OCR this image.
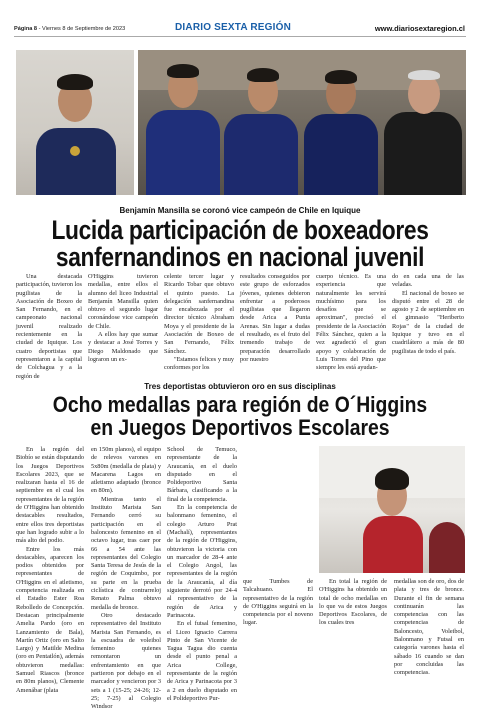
Página 8 - Viernes 8 de Septiembre de 2023	DIARIO SEXTA REGIÓN	www.diariosextaregion.cl
Benjamín Mansilla se coronó vice campeón de Chile en Iquique
Lucida participación de boxeadores
sanfernandinos en nacional juvenil

Una destacada participación, tuvieron los pugilistas de la Asociación de Boxeo de San Fernando, en el campeonato nacional juvenil realizado recientemente en la ciudad de Iquique. Los cuatro deportistas que representaron a la capital de Colchagua y a la región de

O'Higgins tuvieron medallas, entre ellos el alumno del liceo Industrial Benjamín Mansilla quien obtuvo el segundo lugar coronándose vice campeón de Chile.

A ellos hay que sumar y destacar a José Torres y Diego Maldonado que lograron un ex-

celente tercer lugar y Ricardo Tobar que obtuvo el quinto puesto. La delegación sanfernandina fue encabezada por el director técnico Abraham Moya y el presidente de la Asociación de Boxeo de San Fernando, Félix Sánchez.

"Estamos felices y muy conformes por los

resultados conseguidos por este grupo de esforzados jóvenes, quienes debieron enfrentar a poderosos pugilistas que llegaron desde Arica a Punta Arenas. Sin lugar a dudas el resultado, es el fruto del tremendo trabajo de preparación desarrollado por nuestro

cuerpo técnico. Es una experiencia que naturalmente les servirá muchísimo para los desafíos que se aproximan", precisó el presidente de la Asociación Félix Sánchez, quien a la vez agradeció el gran apoyo y colaboración de Luis Torres del Pino que siempre les está ayudan-

do en cada una de las veladas.

El nacional de boxeo se disputó entre el 28 de agosto y 2 de septiembre en el gimnasio "Heriberto Rojas" de la ciudad de Iquique y tuvo en el cuadrilátero a más de 80 pugilistas de todo el país.

Tres deportistas obtuvieron oro en sus disciplinas
Ocho medallas para región de O´Higgins
en Juegos Deportivos Escolares

En la región del Biobío se están disputando los Juegos Deportivos Escolares 2023, que se realizaran hasta el 16 de septiembre en el cual los representantes de la región de O'Higgins han obtenido destacables resultados, entre ellos tres deportistas que han logrado subir a lo más alto del podio.

Entre los más destacables, aparecen los podios obtenidos por representantes de O'Higgins en el atletismo, competencia realizada en el Estadio Ester Roa Rebolledo de Concepción. Destacan principalmente Amelia Pardo (oro en Lanzamiento de Bala), Martín Ortiz (oro en Salto Largo) y Matilde Medina (oro en Pentatlón), además obtuvieron medallas: Samuel Riascos (bronce en 80m planos), Clemente Amenábar (plata

en 150m planos), el equipo de relevos varones en 5x80m (medalla de plata) y Macarena Lagos en atletismo adaptado (bronce en 80m).

Mientras tanto el Instituto Marista San Fernando cerró su participación en el baloncesto femenino en el octavo lugar, tras caer por 66 a 54 ante las representantes del Colegio Santa Teresa de Jesús de la región de Coquimbo, por su parte en la prueba ciclística de contrarreloj Renato Palma obtuvo medalla de bronce.

Otro destacado representativo del Instituto Marista San Fernando, es la escuadra de voleibol femenino quienes remontaron un enfrentamiento en que partieron por debajo en el marcador y vencieron por 3 sets a 1 (15-25; 24-26; 12-25; 7-25) al Colegio Windsor

School de Temuco, representante de la Araucanía, en el duelo disputado en el Polideportivo Santa Bárbara, clasificando a la final de la competencia.

En la competencia de balonmano femenino, el colegio Arturo Prat (Machalí), representantes de la región de O'Higgins, obtuvieron la victoria con un marcador de 28-4 ante el Colegio Angol, las representantes de la región de la Araucanía, al día siguiente derrotó por 24-4 al representativo de la región de Arica y Parinacota.

En el futsal femenino, el Liceo Ignacio Carrera Pinto de San Vicente de Tagua Tagua dio cuenta desde el punto penal a Arica College, representante de la región de Arica y Parinacota por 3 a 2 en duelo disputado en el Polideportivo Pur-

que Tumbes de Talcahuano. El representativo de la región de O'Higgins seguirá en la competencia por el noveno lugar.

En total la región de O'Higgins ha obtenido un total de ocho medallas en lo que va de estos Juegos Deportivos Escolares, de los cuales tres

medallas son de oro, dos de plata y tres de bronce. Durante el fin de semana continuarán las competencias con las competencias de Baloncesto, Voleibol, Balonmano y Futsal en categoría varones hasta el sábado 16 cuando se dan por concluidas las competencias.
